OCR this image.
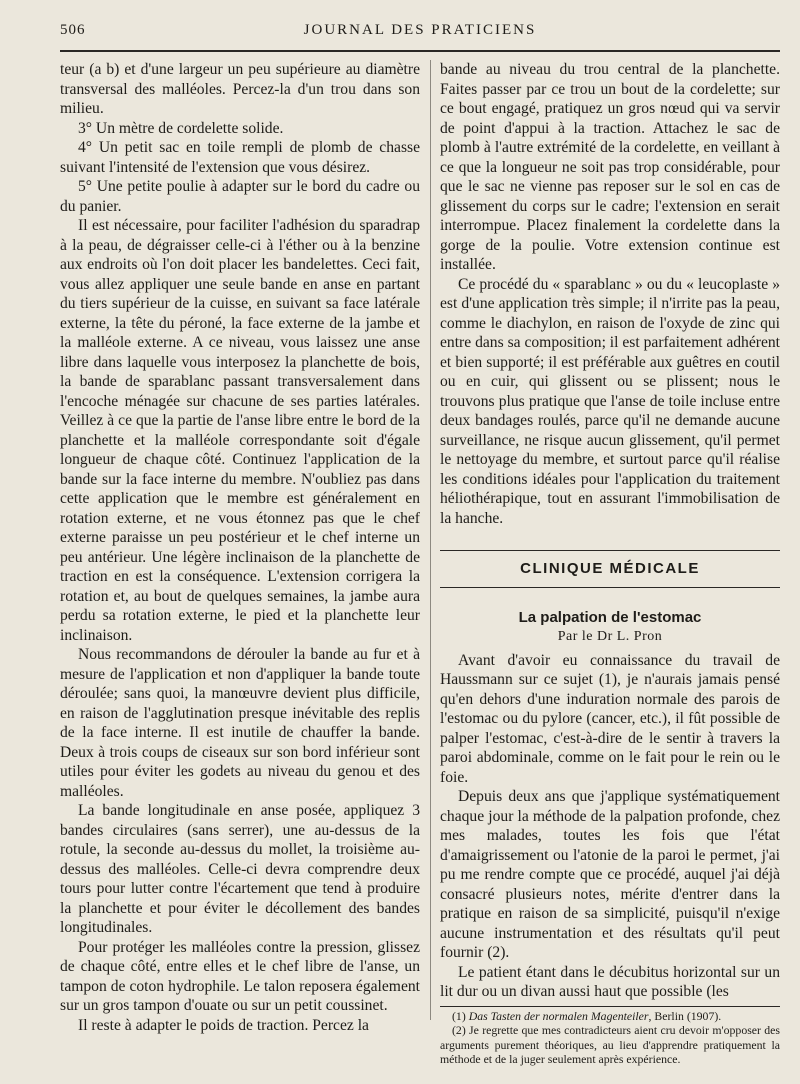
506	JOURNAL DES PRATICIENS

teur (a b) et d'une largeur un peu supérieure au diamètre transversal des malléoles. Percez-la d'un trou dans son milieu.

3° Un mètre de cordelette solide.

4° Un petit sac en toile rempli de plomb de chasse suivant l'intensité de l'extension que vous désirez.

5° Une petite poulie à adapter sur le bord du cadre ou du panier.

Il est nécessaire, pour faciliter l'adhésion du sparadrap à la peau, de dégraisser celle-ci à l'éther ou à la benzine aux endroits où l'on doit placer les bandelettes. Ceci fait, vous allez appliquer une seule bande en anse en partant du tiers supérieur de la cuisse, en suivant sa face latérale externe, la tête du péroné, la face externe de la jambe et la malléole externe. A ce niveau, vous laissez une anse libre dans laquelle vous interposez la planchette de bois, la bande de sparablanc passant transversalement dans l'encoche ménagée sur chacune de ses parties latérales. Veillez à ce que la partie de l'anse libre entre le bord de la planchette et la malléole correspondante soit d'égale longueur de chaque côté. Continuez l'application de la bande sur la face interne du membre. N'oubliez pas dans cette application que le membre est généralement en rotation externe, et ne vous étonnez pas que le chef externe paraisse un peu postérieur et le chef interne un peu antérieur. Une légère inclinaison de la planchette de traction en est la conséquence. L'extension corrigera la rotation et, au bout de quelques semaines, la jambe aura perdu sa rotation externe, le pied et la planchette leur inclinaison.

Nous recommandons de dérouler la bande au fur et à mesure de l'application et non d'appliquer la bande toute déroulée; sans quoi, la manœuvre devient plus difficile, en raison de l'agglutination presque inévitable des replis de la face interne. Il est inutile de chauffer la bande. Deux à trois coups de ciseaux sur son bord inférieur sont utiles pour éviter les godets au niveau du genou et des malléoles.

La bande longitudinale en anse posée, appliquez 3 bandes circulaires (sans serrer), une au-dessus de la rotule, la seconde au-dessus du mollet, la troisième au-dessus des malléoles. Celle-ci devra comprendre deux tours pour lutter contre l'écartement que tend à produire la planchette et pour éviter le décollement des bandes longitudinales.

Pour protéger les malléoles contre la pression, glissez de chaque côté, entre elles et le chef libre de l'anse, un tampon de coton hydrophile. Le talon reposera également sur un gros tampon d'ouate ou sur un petit coussinet.

Il reste à adapter le poids de traction. Percez la

bande au niveau du trou central de la planchette. Faites passer par ce trou un bout de la cordelette; sur ce bout engagé, pratiquez un gros nœud qui va servir de point d'appui à la traction. Attachez le sac de plomb à l'autre extrémité de la cordelette, en veillant à ce que la longueur ne soit pas trop considérable, pour que le sac ne vienne pas reposer sur le sol en cas de glissement du corps sur le cadre; l'extension en serait interrompue. Placez finalement la cordelette dans la gorge de la poulie. Votre extension continue est installée.

Ce procédé du « sparablanc » ou du « leucoplaste » est d'une application très simple; il n'irrite pas la peau, comme le diachylon, en raison de l'oxyde de zinc qui entre dans sa composition; il est parfaitement adhérent et bien supporté; il est préférable aux guêtres en coutil ou en cuir, qui glissent ou se plissent; nous le trouvons plus pratique que l'anse de toile incluse entre deux bandages roulés, parce qu'il ne demande aucune surveillance, ne risque aucun glissement, qu'il permet le nettoyage du membre, et surtout parce qu'il réalise les conditions idéales pour l'application du traitement héliothérapique, tout en assurant l'immobilisation de la hanche.

CLINIQUE MÉDICALE
La palpation de l'estomac
Par le Dr L. Pron

Avant d'avoir eu connaissance du travail de Haussmann sur ce sujet (1), je n'aurais jamais pensé qu'en dehors d'une induration normale des parois de l'estomac ou du pylore (cancer, etc.), il fût possible de palper l'estomac, c'est-à-dire de le sentir à travers la paroi abdominale, comme on le fait pour le rein ou le foie.

Depuis deux ans que j'applique systématiquement chaque jour la méthode de la palpation profonde, chez mes malades, toutes les fois que l'état d'amaigrissement ou l'atonie de la paroi le permet, j'ai pu me rendre compte que ce procédé, auquel j'ai déjà consacré plusieurs notes, mérite d'entrer dans la pratique en raison de sa simplicité, puisqu'il n'exige aucune instrumentation et des résultats qu'il peut fournir (2).

Le patient étant dans le décubitus horizontal sur un lit dur ou un divan aussi haut que possible (les

(1) Das Tasten der normalen Magenteiler, Berlin (1907).

(2) Je regrette que mes contradicteurs aient cru devoir m'opposer des arguments purement théoriques, au lieu d'apprendre pratiquement la méthode et de la juger seulement après expérience.
